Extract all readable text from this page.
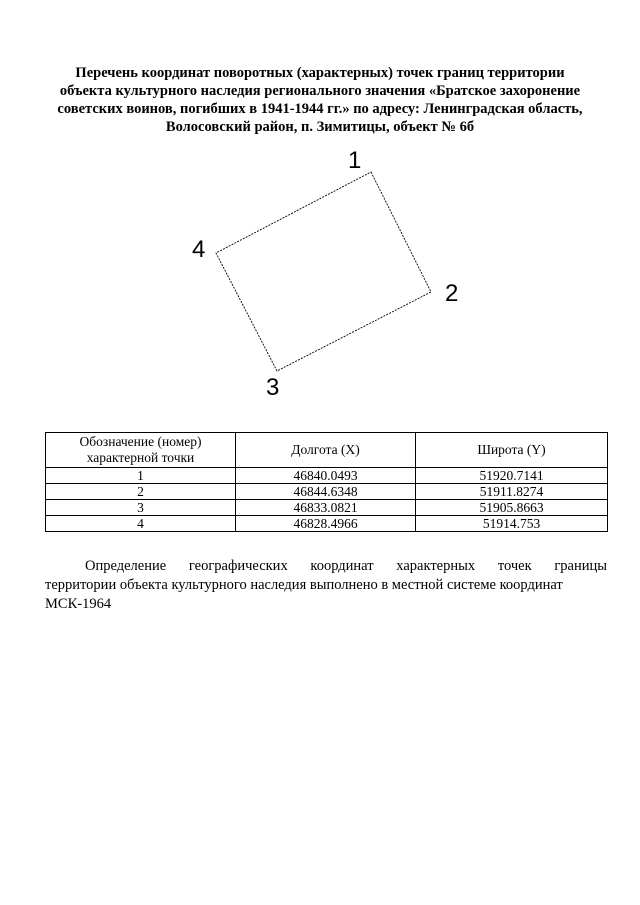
Перечень координат поворотных (характерных) точек границ территории
объекта культурного наследия регионального значения «Братское захоронение
советских воинов, погибших в 1941-1944 гг.» по адресу: Ленинградская область,
Волосовский район, п. Зимитицы, объект № 6б
1
2
3
4
Обозначение (номер) характерной точки	Долгота (X)	Широта (Y)
1	46840.0493	51920.7141
2	46844.6348	51911.8274
3	46833.0821	51905.8663
4	46828.4966	51914.753
Определение географических координат характерных точек границы
территории объекта культурного наследия выполнено в местной системе координат
МСК-1964
